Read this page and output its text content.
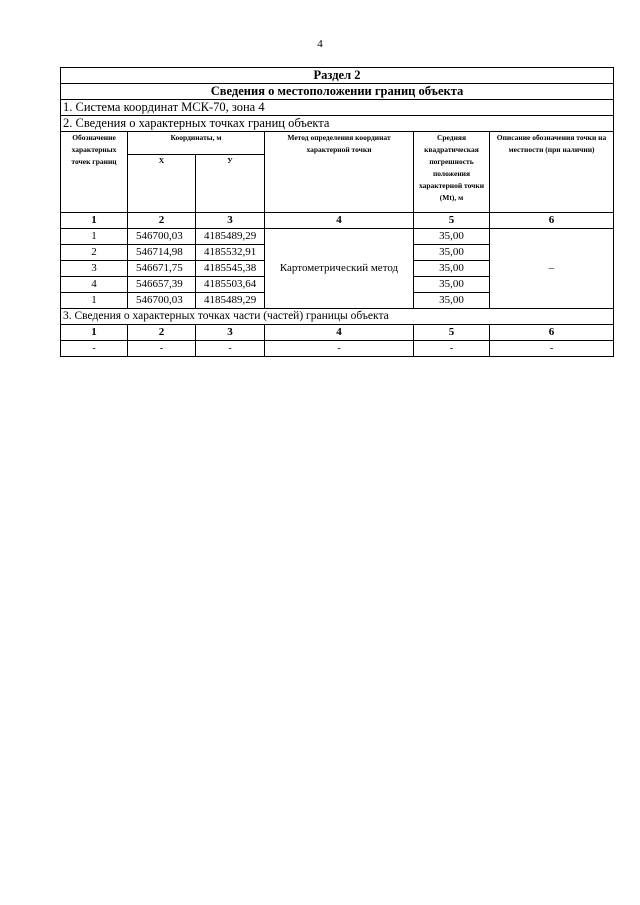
4
Раздел 2					
Сведения о местоположении границ объекта					
1. Система координат МСК-70, зона 4					
2. Сведения о характерных точках границ объекта					
Обозначение характерных точек границ	Координаты, м		Метод определения координат характерной точки	Средняя квадратическая погрешность положения характерной точки (Mt), м	Описание обозначения точки на местности (при наличии)
	X	У			
1	2	3	4	5	6
1	546700,03	4185489,29	Картометрический метод	35,00	–
2	546714,98	4185532,91		35,00	
3	546671,75	4185545,38		35,00	
4	546657,39	4185503,64		35,00	
1	546700,03	4185489,29		35,00	
3. Сведения о характерных точках части (частей) границы объекта					
1	2	3	4	5	6
-	-	-	-	-	-
